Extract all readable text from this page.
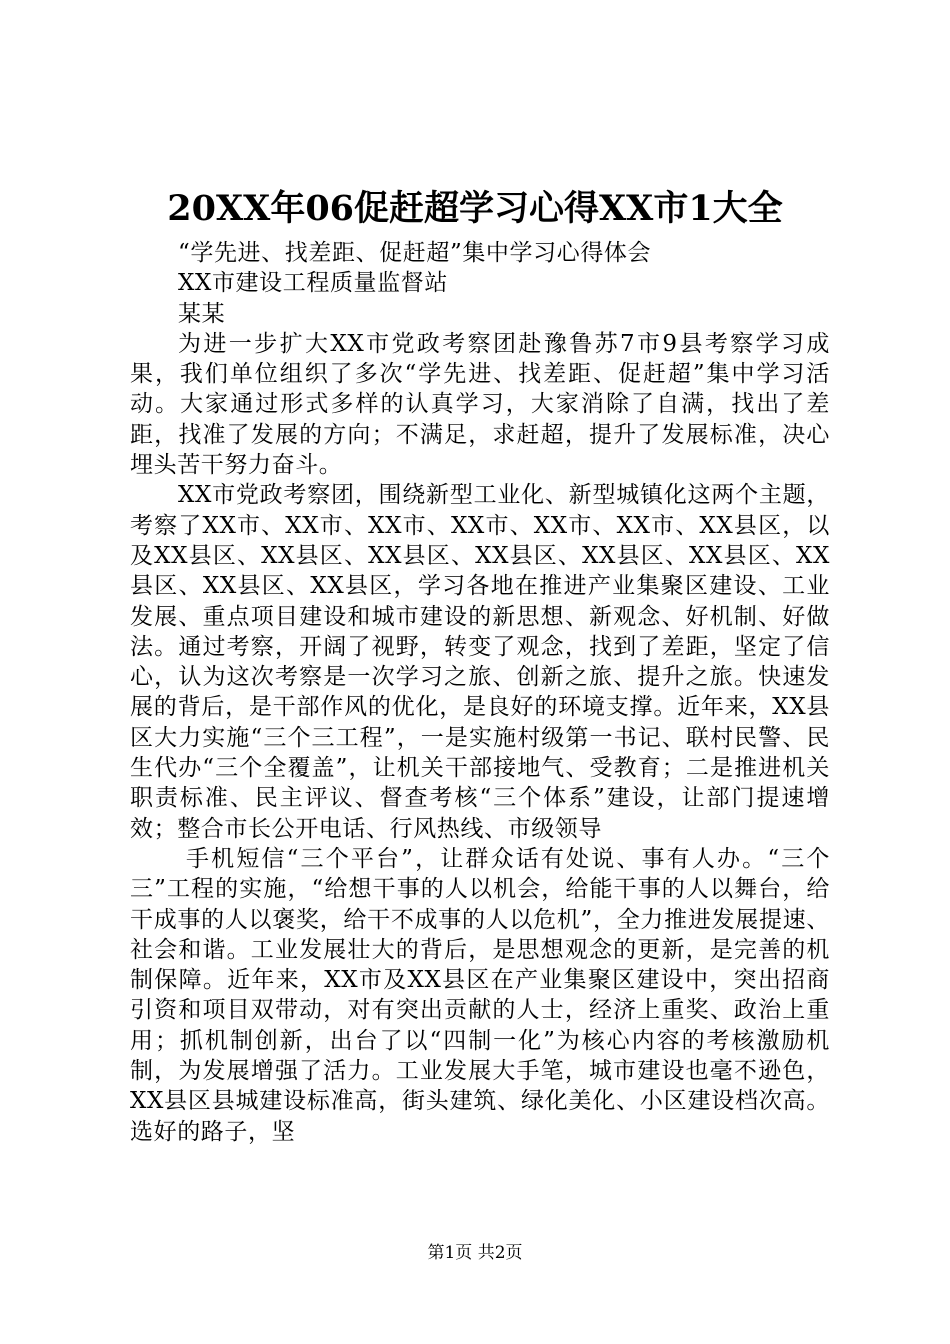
20XX年06促赶超学习心得XX市1大全

“学先进、找差距、促赶超”集中学习心得体会

XX市建设工程质量监督站

某某

为进一步扩大XX市党政考察团赴豫鲁苏7市9县考察学习成果，我们单位组织了多次“学先进、找差距、促赶超”集中学习活动。大家通过形式多样的认真学习，大家消除了自满，找出了差距，找准了发展的方向；不满足，求赶超，提升了发展标准，决心埋头苦干努力奋斗。

XX市党政考察团，围绕新型工业化、新型城镇化这两个主题，考察了XX市、XX市、XX市、XX市、XX市、XX市、XX县区，以及XX县区、XX县区、XX县区、XX县区、XX县区、XX县区、XX县区、XX县区、XX县区，学习各地在推进产业集聚区建设、工业发展、重点项目建设和城市建设的新思想、新观念、好机制、好做法。通过考察，开阔了视野，转变了观念，找到了差距，坚定了信心，认为这次考察是一次学习之旅、创新之旅、提升之旅。快速发展的背后，是干部作风的优化，是良好的环境支撑。近年来，XX县区大力实施“三个三工程”，一是实施村级第一书记、联村民警、民生代办“三个全覆盖”，让机关干部接地气、受教育；二是推进机关职责标准、民主评议、督查考核“三个体系”建设，让部门提速增效；整合市长公开电话、行风热线、市级领导

手机短信“三个平台”，让群众话有处说、事有人办。“三个三”工程的实施，“给想干事的人以机会，给能干事的人以舞台，给干成事的人以褒奖，给干不成事的人以危机”，全力推进发展提速、社会和谐。工业发展壮大的背后，是思想观念的更新，是完善的机制保障。近年来，XX市及XX县区在产业集聚区建设中，突出招商引资和项目双带动，对有突出贡献的人士，经济上重奖、政治上重用；抓机制创新，出台了以“四制一化”为核心内容的考核激励机制，为发展增强了活力。工业发展大手笔，城市建设也毫不逊色，XX县区县城建设标准高，街头建筑、绿化美化、小区建设档次高。选好的路子，坚

第1页 共2页
